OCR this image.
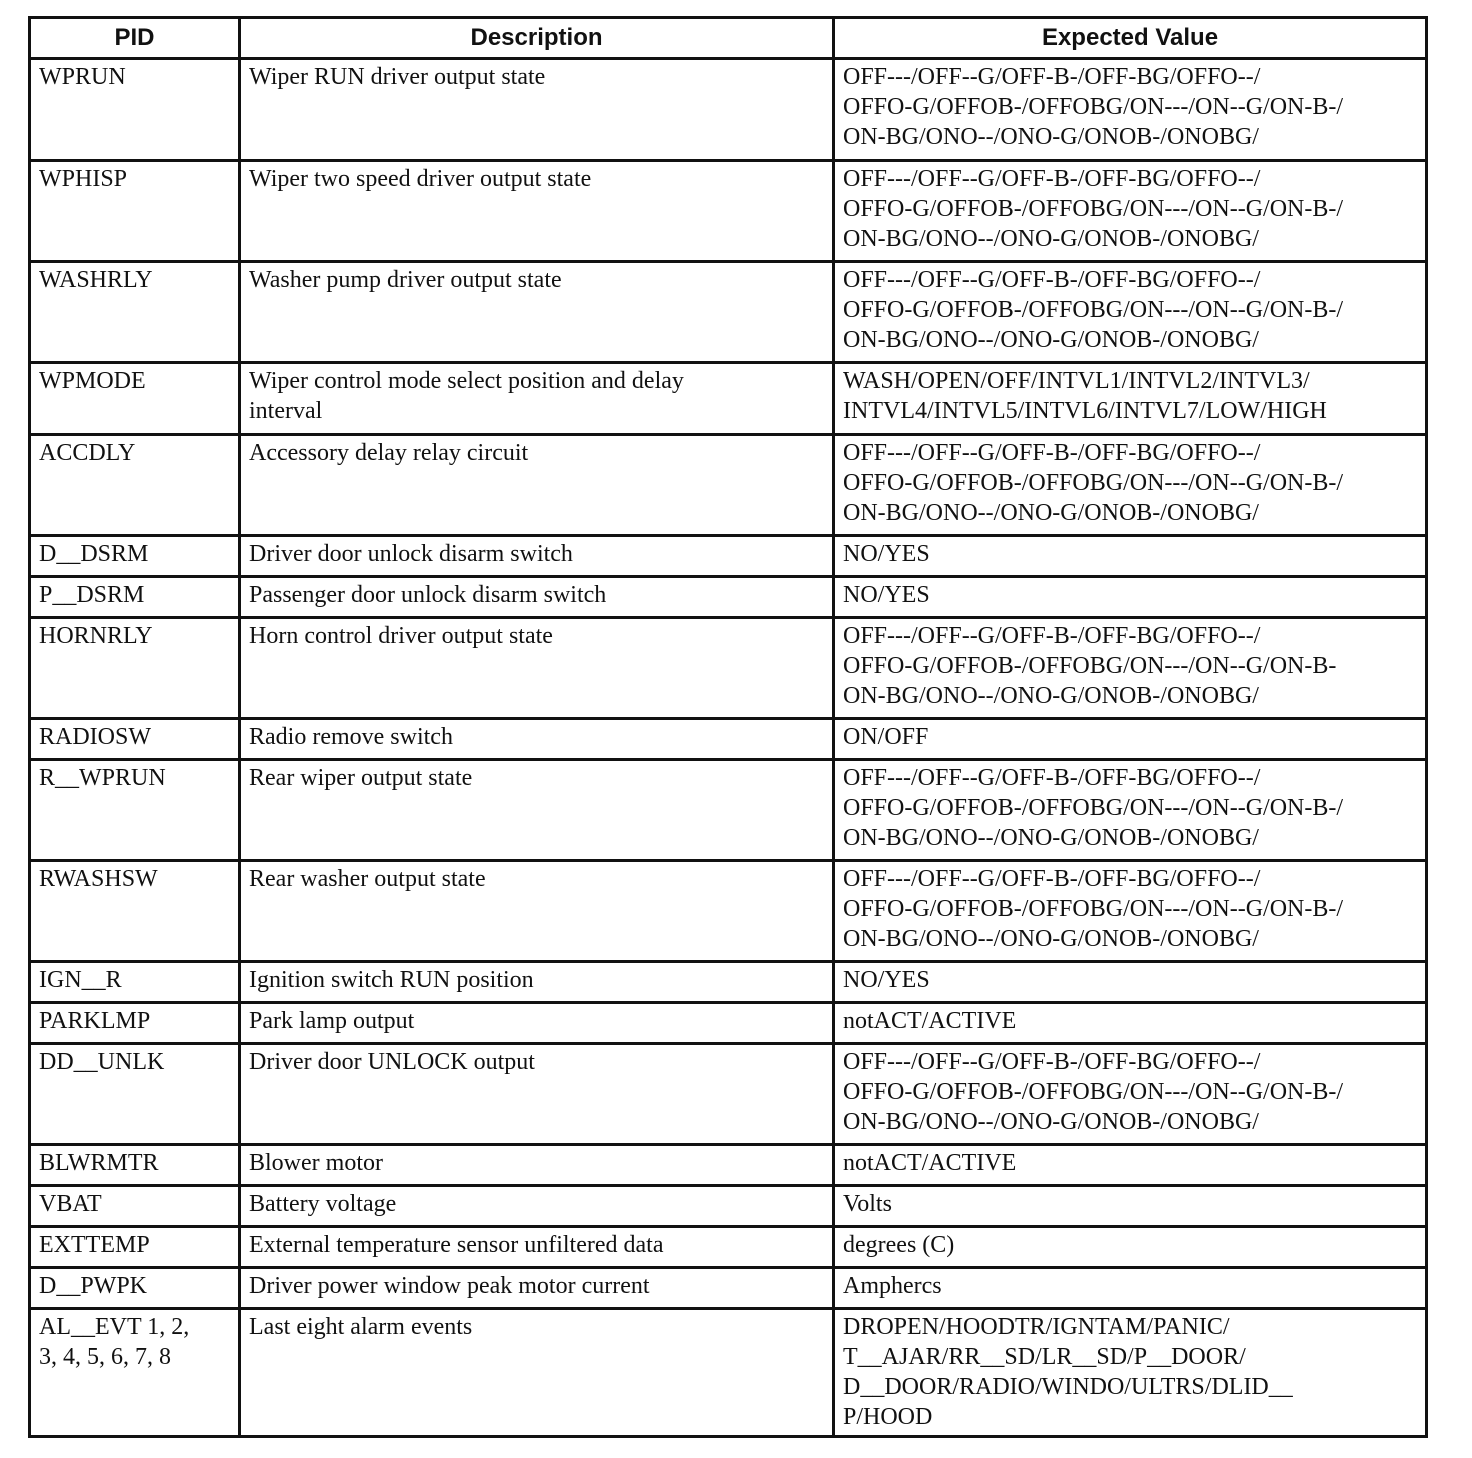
PID	Description	Expected Value
WPRUN	Wiper RUN driver output state	OFF---/OFF--G/OFF-B-/OFF-BG/OFFO--/
OFFO-G/OFFOB-/OFFOBG/ON---/ON--G/ON-B-/
ON-BG/ONO--/ONO-G/ONOB-/ONOBG/
WPHISP	Wiper two speed driver output state	OFF---/OFF--G/OFF-B-/OFF-BG/OFFO--/
OFFO-G/OFFOB-/OFFOBG/ON---/ON--G/ON-B-/
ON-BG/ONO--/ONO-G/ONOB-/ONOBG/
WASHRLY	Washer pump driver output state	OFF---/OFF--G/OFF-B-/OFF-BG/OFFO--/
OFFO-G/OFFOB-/OFFOBG/ON---/ON--G/ON-B-/
ON-BG/ONO--/ONO-G/ONOB-/ONOBG/
WPMODE	Wiper control mode select position and delay
interval	WASH/OPEN/OFF/INTVL1/INTVL2/INTVL3/
INTVL4/INTVL5/INTVL6/INTVL7/LOW/HIGH
ACCDLY	Accessory delay relay circuit	OFF---/OFF--G/OFF-B-/OFF-BG/OFFO--/
OFFO-G/OFFOB-/OFFOBG/ON---/ON--G/ON-B-/
ON-BG/ONO--/ONO-G/ONOB-/ONOBG/
D__DSRM	Driver door unlock disarm switch	NO/YES
P__DSRM	Passenger door unlock disarm switch	NO/YES
HORNRLY	Horn control driver output state	OFF---/OFF--G/OFF-B-/OFF-BG/OFFO--/
OFFO-G/OFFOB-/OFFOBG/ON---/ON--G/ON-B-
ON-BG/ONO--/ONO-G/ONOB-/ONOBG/
RADIOSW	Radio remove switch	ON/OFF
R__WPRUN	Rear wiper output state	OFF---/OFF--G/OFF-B-/OFF-BG/OFFO--/
OFFO-G/OFFOB-/OFFOBG/ON---/ON--G/ON-B-/
ON-BG/ONO--/ONO-G/ONOB-/ONOBG/
RWASHSW	Rear washer output state	OFF---/OFF--G/OFF-B-/OFF-BG/OFFO--/
OFFO-G/OFFOB-/OFFOBG/ON---/ON--G/ON-B-/
ON-BG/ONO--/ONO-G/ONOB-/ONOBG/
IGN__R	Ignition switch RUN position	NO/YES
PARKLMP	Park lamp output	notACT/ACTIVE
DD__UNLK	Driver door UNLOCK output	OFF---/OFF--G/OFF-B-/OFF-BG/OFFO--/
OFFO-G/OFFOB-/OFFOBG/ON---/ON--G/ON-B-/
ON-BG/ONO--/ONO-G/ONOB-/ONOBG/
BLWRMTR	Blower motor	notACT/ACTIVE
VBAT	Battery voltage	Volts
EXTTEMP	External temperature sensor unfiltered data	degrees (C)
D__PWPK	Driver power window peak motor current	Amphercs
AL__EVT 1, 2,
3, 4, 5, 6, 7, 8	Last eight alarm events	DROPEN/HOODTR/IGNTAM/PANIC/
T__AJAR/RR__SD/LR__SD/P__DOOR/
D__DOOR/RADIO/WINDO/ULTRS/DLID__
P/HOOD
